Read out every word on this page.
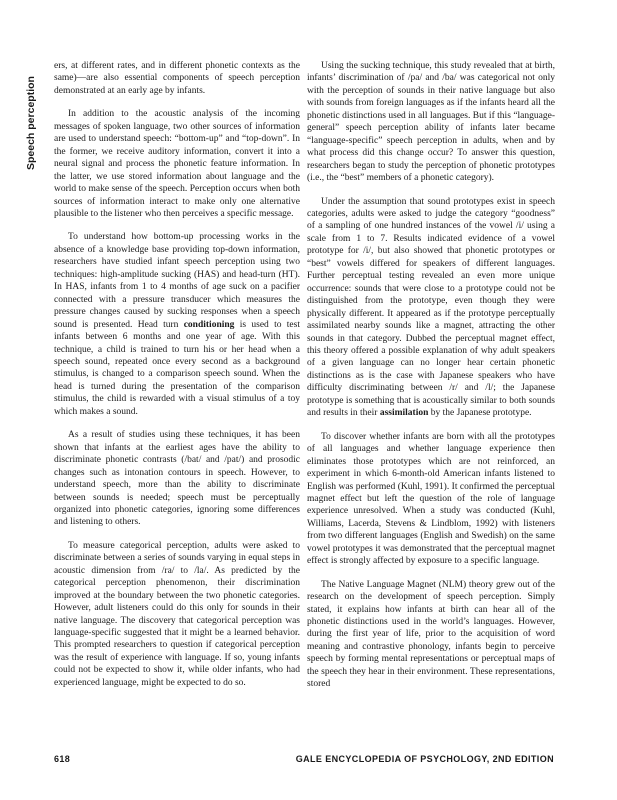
Speech perception

ers, at different rates, and in different phonetic contexts as the same)—are also essential components of speech perception demonstrated at an early age by infants.

In addition to the acoustic analysis of the incoming messages of spoken language, two other sources of information are used to understand speech: “bottom-up” and “top-down”. In the former, we receive auditory information, convert it into a neural signal and process the phonetic feature information. In the latter, we use stored information about language and the world to make sense of the speech. Perception occurs when both sources of information interact to make only one alternative plausible to the listener who then perceives a specific message.

To understand how bottom-up processing works in the absence of a knowledge base providing top-down information, researchers have studied infant speech perception using two techniques: high-amplitude sucking (HAS) and head-turn (HT). In HAS, infants from 1 to 4 months of age suck on a pacifier connected with a pressure transducer which measures the pressure changes caused by sucking responses when a speech sound is presented. Head turn conditioning is used to test infants between 6 months and one year of age. With this technique, a child is trained to turn his or her head when a speech sound, repeated once every second as a background stimulus, is changed to a comparison speech sound. When the head is turned during the presentation of the comparison stimulus, the child is rewarded with a visual stimulus of a toy which makes a sound.

As a result of studies using these techniques, it has been shown that infants at the earliest ages have the ability to discriminate phonetic contrasts (/bat/ and /pat/) and prosodic changes such as intonation contours in speech. However, to understand speech, more than the ability to discriminate between sounds is needed; speech must be perceptually organized into phonetic categories, ignoring some differences and listening to others.

To measure categorical perception, adults were asked to discriminate between a series of sounds varying in equal steps in acoustic dimension from /ra/ to /la/. As predicted by the categorical perception phenomenon, their discrimination improved at the boundary between the two phonetic categories. However, adult listeners could do this only for sounds in their native language. The discovery that categorical perception was language-specific suggested that it might be a learned behavior. This prompted researchers to question if categorical perception was the result of experience with language. If so, young infants could not be expected to show it, while older infants, who had experienced language, might be expected to do so.

Using the sucking technique, this study revealed that at birth, infants’ discrimination of /pa/ and /ba/ was categorical not only with the perception of sounds in their native language but also with sounds from foreign languages as if the infants heard all the phonetic distinctions used in all languages. But if this “language-general” speech perception ability of infants later became “language-specific” speech perception in adults, when and by what process did this change occur? To answer this question, researchers began to study the perception of phonetic prototypes (i.e., the “best” members of a phonetic category).

Under the assumption that sound prototypes exist in speech categories, adults were asked to judge the category “goodness” of a sampling of one hundred instances of the vowel /i/ using a scale from 1 to 7. Results indicated evidence of a vowel prototype for /i/, but also showed that phonetic prototypes or “best” vowels differed for speakers of different languages. Further perceptual testing revealed an even more unique occurrence: sounds that were close to a prototype could not be distinguished from the prototype, even though they were physically different. It appeared as if the prototype perceptually assimilated nearby sounds like a magnet, attracting the other sounds in that category. Dubbed the perceptual magnet effect, this theory offered a possible explanation of why adult speakers of a given language can no longer hear certain phonetic distinctions as is the case with Japanese speakers who have difficulty discriminating between /r/ and /l/; the Japanese prototype is something that is acoustically similar to both sounds and results in their assimilation by the Japanese prototype.

To discover whether infants are born with all the prototypes of all languages and whether language experience then eliminates those prototypes which are not reinforced, an experiment in which 6-month-old American infants listened to English was performed (Kuhl, 1991). It confirmed the perceptual magnet effect but left the question of the role of language experience unresolved. When a study was conducted (Kuhl, Williams, Lacerda, Stevens & Lindblom, 1992) with listeners from two different languages (English and Swedish) on the same vowel prototypes it was demonstrated that the perceptual magnet effect is strongly affected by exposure to a specific language.

The Native Language Magnet (NLM) theory grew out of the research on the development of speech perception. Simply stated, it explains how infants at birth can hear all of the phonetic distinctions used in the world’s languages. However, during the first year of life, prior to the acquisition of word meaning and contrastive phonology, infants begin to perceive speech by forming mental representations or perceptual maps of the speech they hear in their environment. These representations, stored

618	GALE ENCYCLOPEDIA OF PSYCHOLOGY, 2ND EDITION
